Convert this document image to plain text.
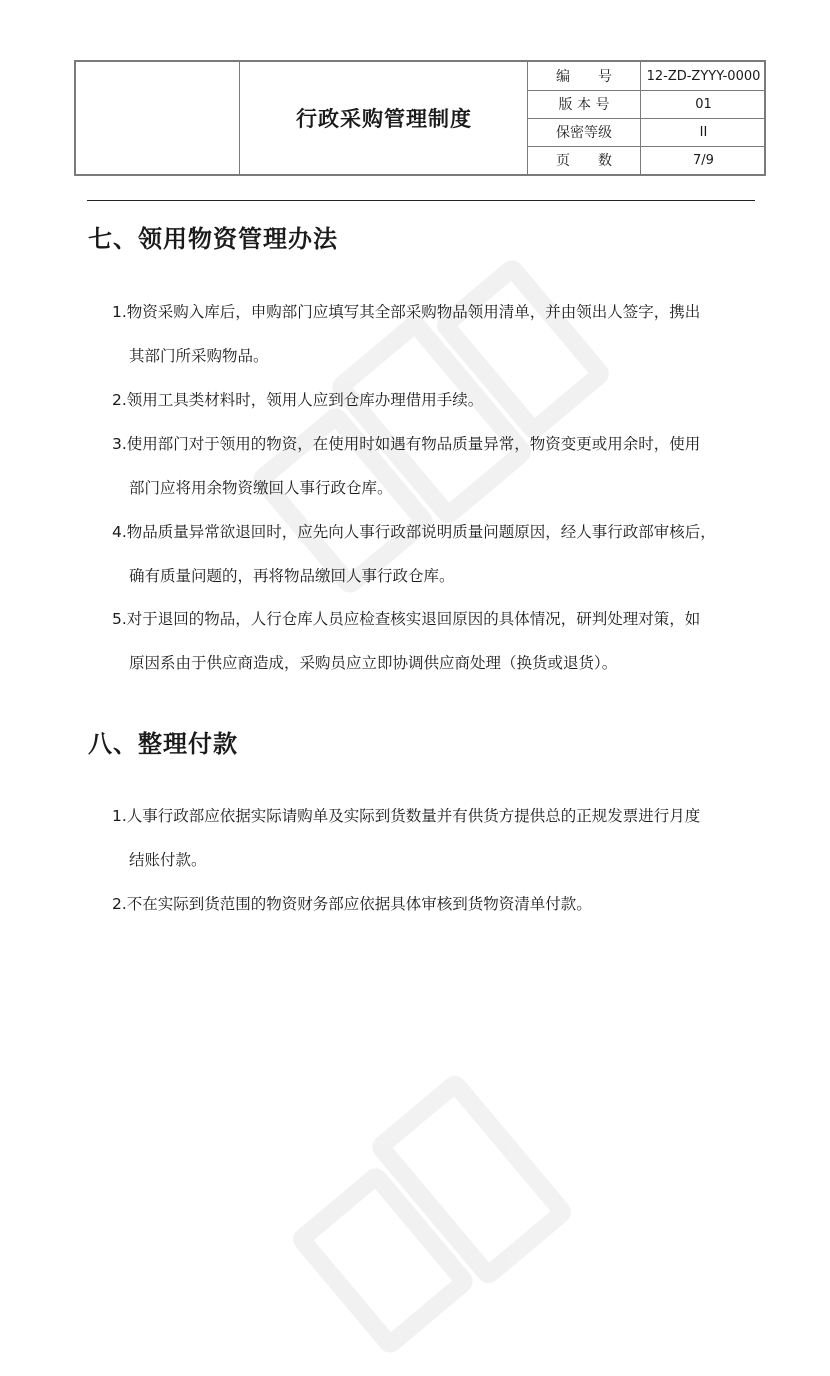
行政采购管理制度
编　　号	12-ZD-ZYYY-0000
版 本 号	01
保密等级	II
页　　数	7/9
七、领用物资管理办法
1.物资采购入库后，申购部门应填写其全部采购物品领用清单，并由领出人签字，携出
其部门所采购物品。
2.领用工具类材料时，领用人应到仓库办理借用手续。
3.使用部门对于领用的物资，在使用时如遇有物品质量异常，物资变更或用余时，使用
部门应将用余物资缴回人事行政仓库。
4.物品质量异常欲退回时，应先向人事行政部说明质量问题原因，经人事行政部审核后，
确有质量问题的，再将物品缴回人事行政仓库。
5.对于退回的物品，人行仓库人员应检查核实退回原因的具体情况，研判处理对策，如
原因系由于供应商造成，采购员应立即协调供应商处理（换货或退货）。
八、整理付款
1.人事行政部应依据实际请购单及实际到货数量并有供货方提供总的正规发票进行月度
结账付款。
2.不在实际到货范围的物资财务部应依据具体审核到货物资清单付款。
